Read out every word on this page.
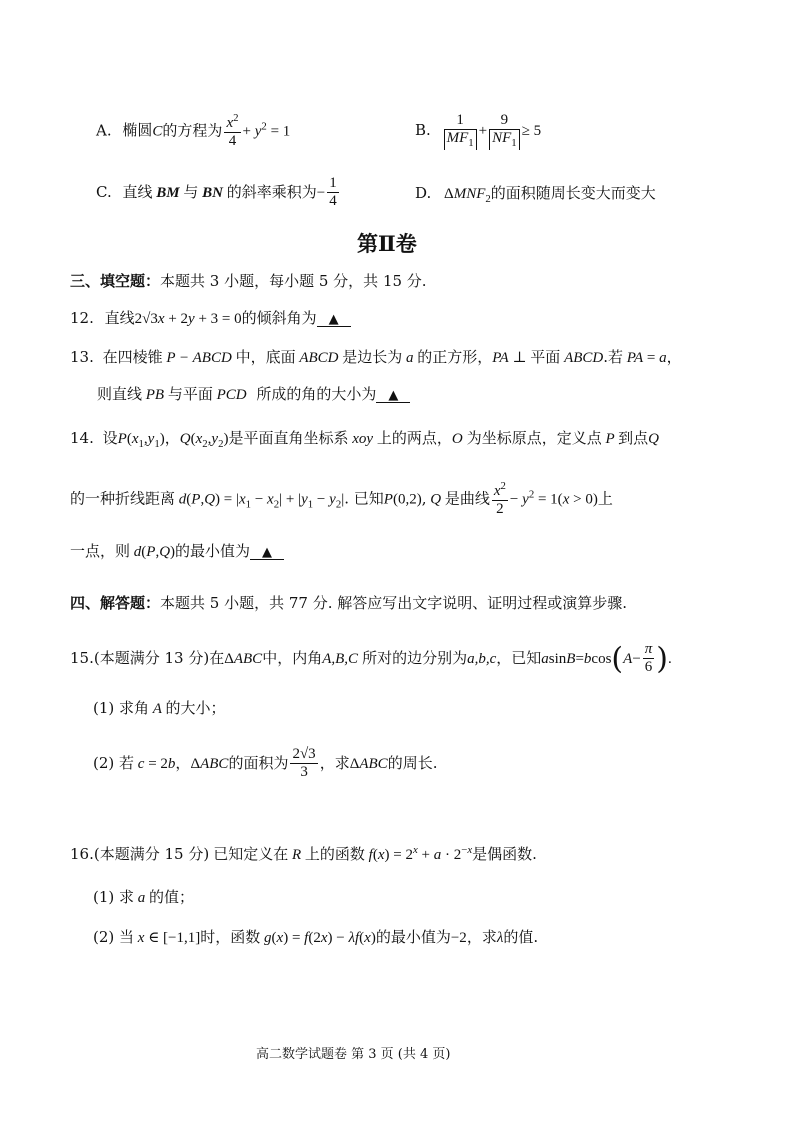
A. 椭圆C的方程为 $\frac{x^2}{4} + y^2 = 1$	B. $\frac{1}{MF_1} + \frac{9}{NF_1} \ge 5$
C. 直线 BM 与 BN 的斜率乘积为− $\frac{1}{4}$	D. $\Delta MNF_2$的面积随周长变大而变大
第Ⅱ卷
三、填空题：本题共 3 小题，每小题 5 分，共 15 分.
12. 直线2√3x + 2y + 3 = 0的倾斜角为 ▲
13. 在四棱锥 P − ABCD 中，底面 ABCD 是边长为 a 的正方形，PA ⊥ 平面 ABCD.若 PA = a，
则直线 PB 与平面 PCD 所成的角的大小为 ▲
14. 设$P(x_1,y_1)$，$Q(x_2,y_2)$是平面直角坐标系 xoy 上的两点，O 为坐标原点，定义点 P 到点Q
的一种折线距离 $d(P,Q) = |x_1 - x_2| + |y_1 - y_2|$. 已知P(0,2), Q 是曲线 $\frac{x^2}{2} - y^2 = 1(x > 0)$上
一点，则 d(P,Q)的最小值为 ▲
四、解答题：本题共 5 小题，共 77 分. 解答应写出文字说明、证明过程或演算步骤.
15.(本题满分 13 分)在ΔABC中，内角A,B,C 所对的边分别为a,b,c，已知$asinB=bcos(A- \frac{\pi}{6}$ ).
(1) 求角 A 的大小；
(2) 若 c = 2b，ΔABC的面积为 $\frac{2√3}{3}$ ，求ΔABC的周长.
16.(本题满分 15 分) 已知定义在 R 上的函数 $f(x) = 2^x + a \cdot 2^{-x}$是偶函数.
(1) 求 a 的值；
(2) 当 x ∈ [−1,1]时，函数 g(x) = f(2x) − λf(x)的最小值为−2，求λ的值.
高二数学试题卷 第 3 页 (共 4 页)
